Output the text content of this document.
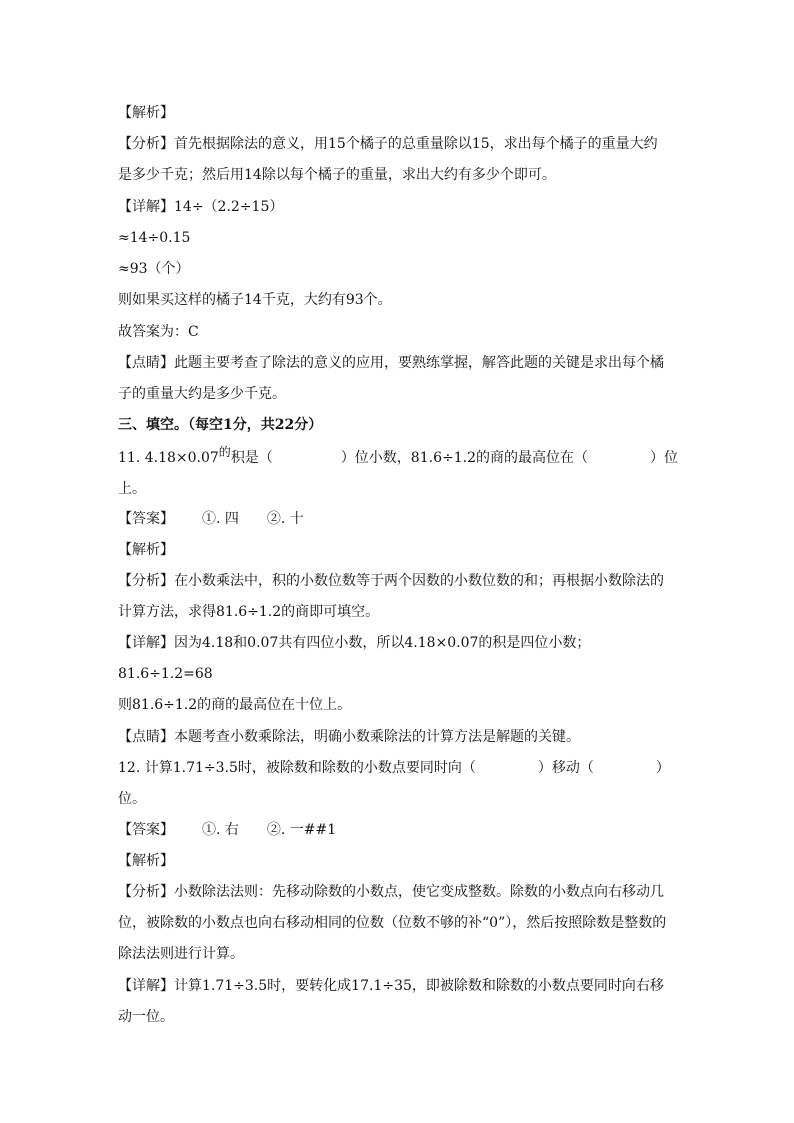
【解析】
【分析】首先根据除法的意义，用15个橘子的总重量除以15，求出每个橘子的重量大约
是多少千克；然后用14除以每个橘子的重量，求出大约有多少个即可。
【详解】14÷（2.2÷15）
≈14÷0.15
≈93（个）
则如果买这样的橘子14千克，大约有93个。
故答案为：C
【点睛】此题主要考查了除法的意义的应用，要熟练掌握，解答此题的关键是求出每个橘
子的重量大约是多少千克。
三、填空。（每空1分，共22分）
11. 4.18×0.07的积是（	）位小数，81.6÷1.2的商的最高位在（	）位
上。
【答案】 ①. 四 ②. 十
【解析】
【分析】在小数乘法中，积的小数位数等于两个因数的小数位数的和；再根据小数除法的
计算方法，求得81.6÷1.2的商即可填空。
【详解】因为4.18和0.07共有四位小数，所以4.18×0.07的积是四位小数；
81.6÷1.2=68
则81.6÷1.2的商的最高位在十位上。
【点睛】本题考查小数乘除法，明确小数乘除法的计算方法是解题的关键。
12. 计算1.71÷3.5时，被除数和除数的小数点要同时向（	）移动（	）
位。
【答案】 ①. 右 ②. 一##1
【解析】
【分析】小数除法法则：先移动除数的小数点，使它变成整数。除数的小数点向右移动几
位，被除数的小数点也向右移动相同的位数（位数不够的补“0”），然后按照除数是整数的
除法法则进行计算。
【详解】计算1.71÷3.5时，要转化成17.1÷35，即被除数和除数的小数点要同时向右移
动一位。
